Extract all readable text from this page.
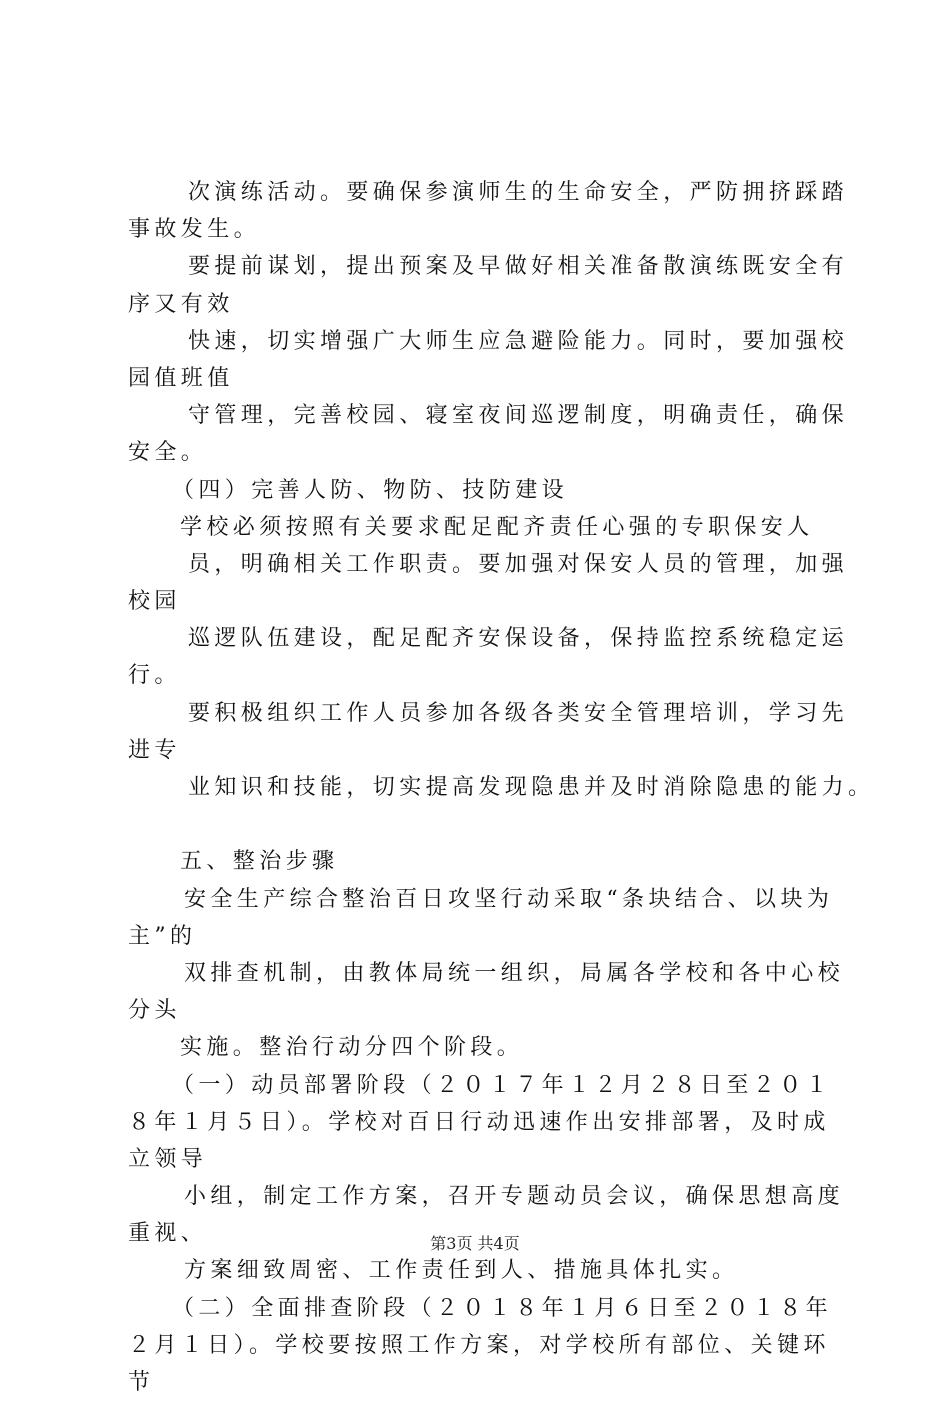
次演练活动。要确保参演师生的生命安全，严防拥挤踩踏
事故发生。
要提前谋划，提出预案及早做好相关准备散演练既安全有
序又有效
快速，切实增强广大师生应急避险能力。同时，要加强校
园值班值
守管理，完善校园、寝室夜间巡逻制度，明确责任，确保
安全。
（四）完善人防、物防、技防建设
学校必须按照有关要求配足配齐责任心强的专职保安人
员，明确相关工作职责。要加强对保安人员的管理，加强
校园
巡逻队伍建设，配足配齐安保设备，保持监控系统稳定运
行。
要积极组织工作人员参加各级各类安全管理培训，学习先
进专
业知识和技能，切实提高发现隐患并及时消除隐患的能力。
五、整治步骤
安全生产综合整治百日攻坚行动采取“条块结合、以块为
主”的
双排查机制，由教体局统一组织，局属各学校和各中心校
分头
实施。整治行动分四个阶段。
（一）动员部署阶段（２０１７年１２月２８日至２０１
８年１月５日）。学校对百日行动迅速作出安排部署，及时成
立领导
小组，制定工作方案，召开专题动员会议，确保思想高度
重视、
方案细致周密、工作责任到人、措施具体扎实。
（二）全面排查阶段（２０１８年１月６日至２０１８年
２月１日）。学校要按照工作方案，对学校所有部位、关键环
节
第3页 共4页
